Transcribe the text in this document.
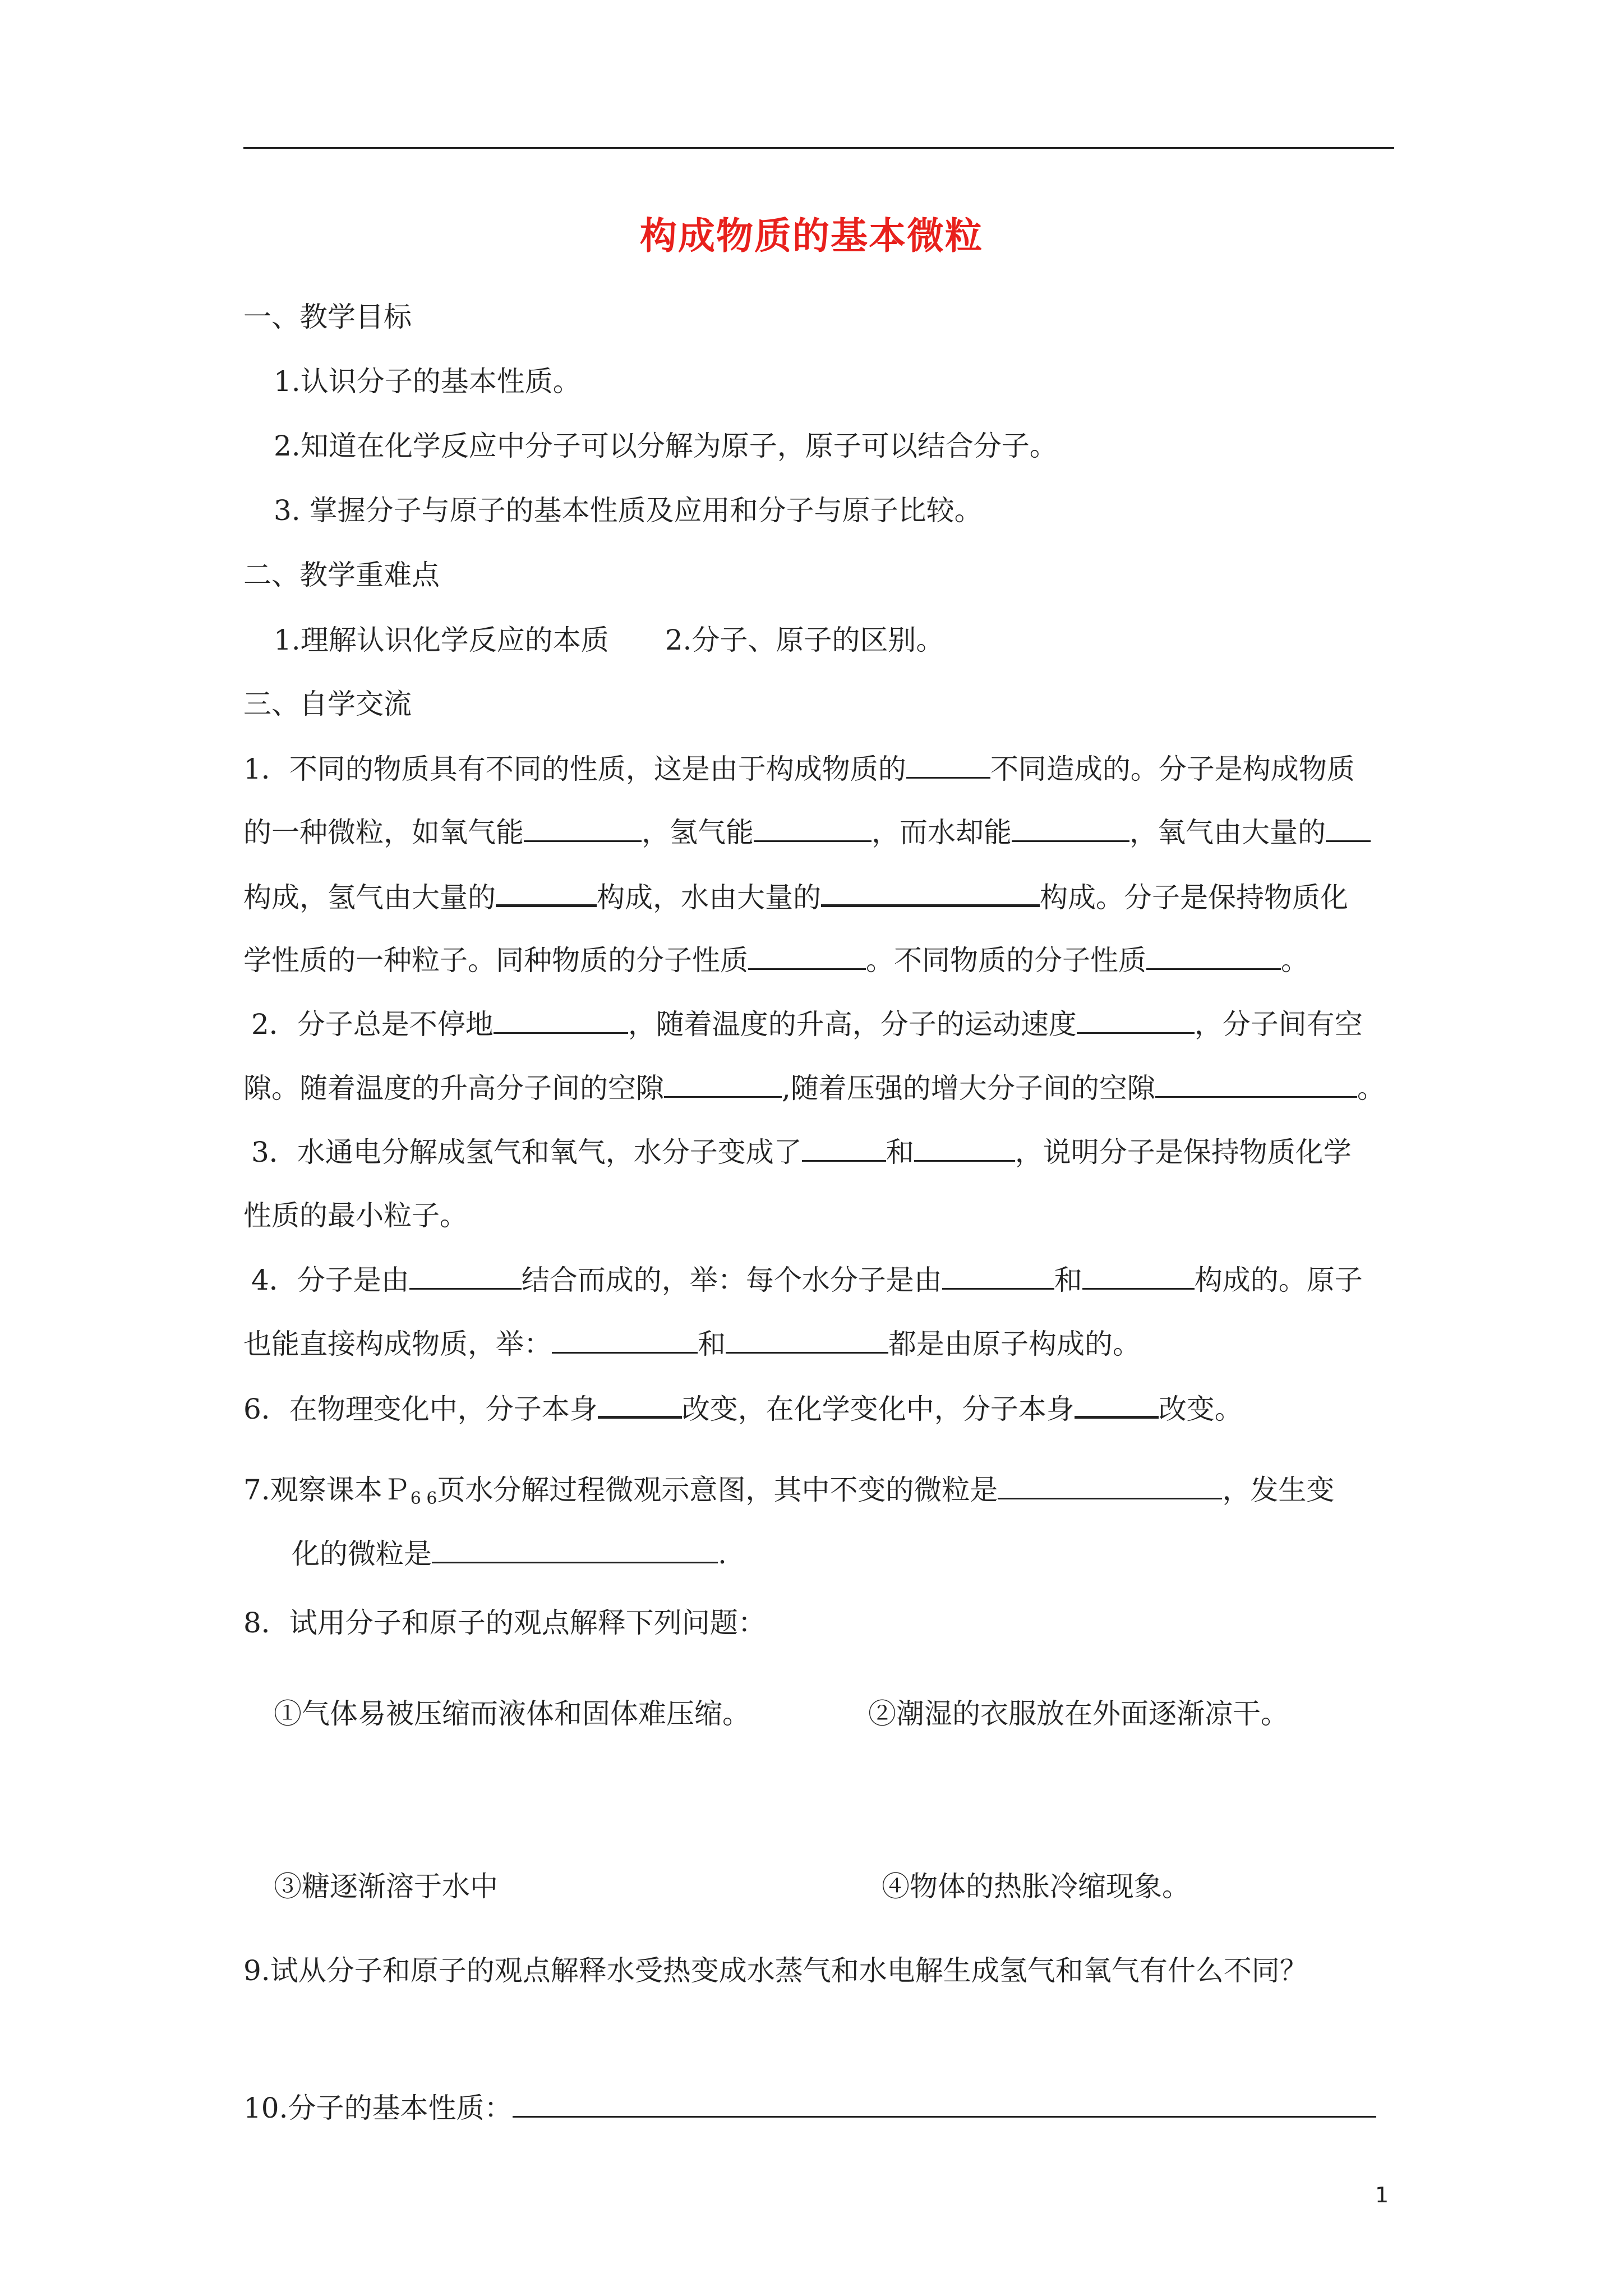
构成物质的基本微粒
一、教学目标
1.认识分子的基本性质。
2.知道在化学反应中分子可以分解为原子，原子可以结合分子。
3. 掌握分子与原子的基本性质及应用和分子与原子比较。
二、教学重难点
1.理解认识化学反应的本质 2.分子、原子的区别。
三、自学交流
1．不同的物质具有不同的性质，这是由于构成物质的	不同造成的。分子是构成物质
的一种微粒，如氧气能	，氢气能	，而水却能	，氧气由大量的
构成，氢气由大量的	构成，水由大量的	构成。分子是保持物质化
学性质的一种粒子。同种物质的分子性质	。不同物质的分子性质	。
2．分子总是不停地	，随着温度的升高，分子的运动速度	，分子间有空
隙。随着温度的升高分子间的空隙	,随着压强的增大分子间的空隙	。
3．水通电分解成氢气和氧气，水分子变成了	和	，说明分子是保持物质化学
性质的最小粒子。
4．分子是由	结合而成的，举：每个水分子是由	和	构成的。原子
也能直接构成物质，举：	和	都是由原子构成的。
6．在物理变化中，分子本身	改变，在化学变化中，分子本身	改变。
7.观察课本Ｐ$_{6 6}$页水分解过程微观示意图，其中不变的微粒是	，发生变
化的微粒是	.
8．试用分子和原子的观点解释下列问题：
①气体易被压缩而液体和固体难压缩。	②潮湿的衣服放在外面逐渐凉干。
③糖逐渐溶于水中	④物体的热胀冷缩现象。
9.试从分子和原子的观点解释水受热变成水蒸气和水电解生成氢气和氧气有什么不同？
10.分子的基本性质：
1
